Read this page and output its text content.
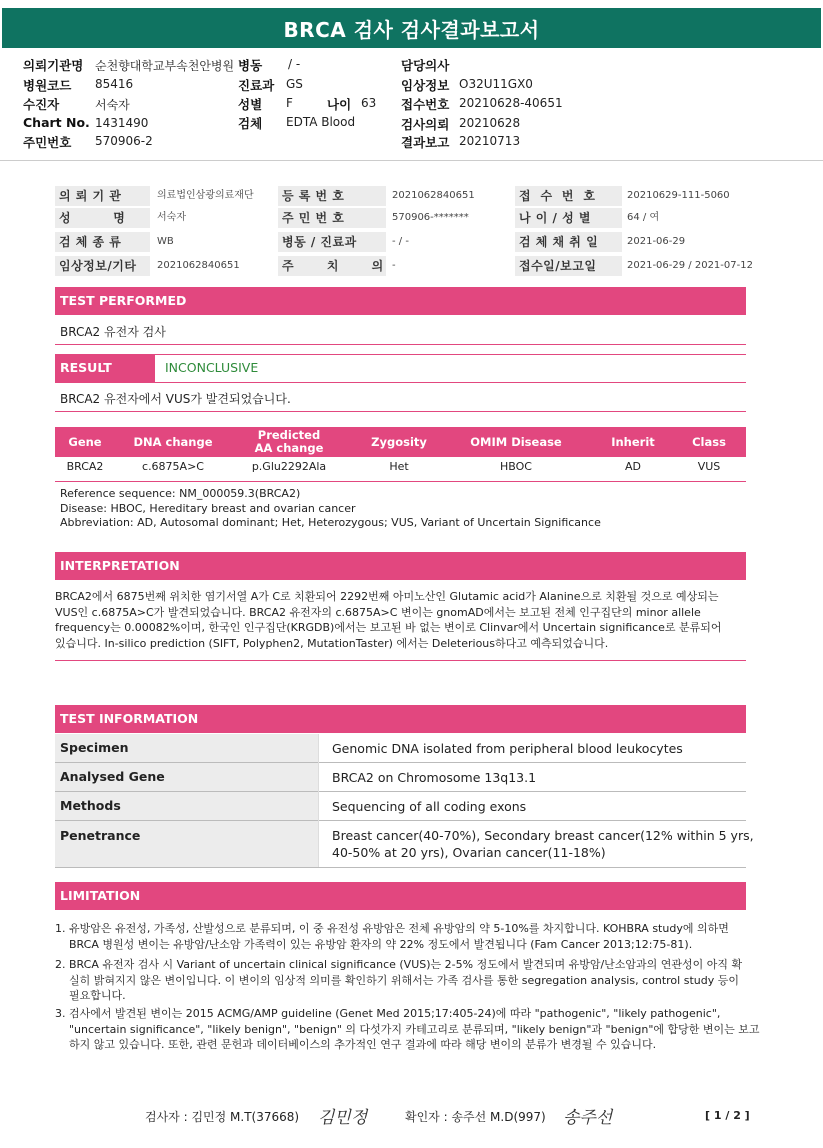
BRCA 검사 검사결과보고서
의뢰기관명 순천향대학교부속천안병원 병동 / -	담당의사
병원코드 85416	진료과 GS	임상정보 O32U11GX0
수진자	서숙자	성별 F	나이 63 접수번호 20210628-40651
Chart No. 1431490	검체 EDTA Blood	검사의뢰 20210628
주민번호 570906-2	결과보고 20210713
의 뢰 기 관	의료법인삼광의료재단	등 록 번 호	2021062840651	접  수  번  호	20210629-111-5060
성         명	서숙자	주 민 번 호	570906-*******	나 이 / 성 별	64 / 여
검 체 종 류	WB	병동 / 진료과	- / -	검 체 채 취 일	2021-06-29
임상정보/기타	2021062840651	주       치       의 -	접수일/보고일	2021-06-29 / 2021-07-12
TEST PERFORMED
BRCA2 유전자 검사
RESULT	INCONCLUSIVE
BRCA2 유전자에서 VUS가 발견되었습니다.
Gene	DNA change	Predicted
AA change	Zygosity	OMIM Disease	Inherit	Class
BRCA2	c.6875A>C	p.Glu2292Ala	Het	HBOC	AD	VUS
Reference sequence: NM_000059.3(BRCA2)
Disease: HBOC, Hereditary breast and ovarian cancer
Abbreviation: AD, Autosomal dominant; Het, Heterozygous; VUS, Variant of Uncertain Significance
INTERPRETATION
BRCA2에서 6875번째 위치한 염기서열 A가 C로 치환되어 2292번째 아미노산인 Glutamic acid가 Alanine으로 치환될 것으로 예상되는
VUS인 c.6875A>C가 발견되었습니다. BRCA2 유전자의 c.6875A>C 변이는 gnomAD에서는 보고된 전체 인구집단의 minor allele
frequency는 0.00082%이며, 한국인 인구집단(KRGDB)에서는 보고된 바 없는 변이로 Clinvar에서 Uncertain significance로 분류되어
있습니다. In-silico prediction (SIFT, Polyphen2, MutationTaster) 에서는 Deleterious하다고 예측되었습니다.
TEST INFORMATION
Specimen	Genomic DNA isolated from peripheral blood leukocytes
Analysed Gene	BRCA2 on Chromosome 13q13.1
Methods	Sequencing of all coding exons
Penetrance	Breast cancer(40-70%), Secondary breast cancer(12% within 5 yrs,
40-50% at 20 yrs), Ovarian cancer(11-18%)
LIMITATION
1. 유방암은 유전성, 가족성, 산발성으로 분류되며, 이 중 유전성 유방암은 전체 유방암의 약 5-10%를 차지합니다. KOHBRA study에 의하면
BRCA 병원성 변이는 유방암/난소암 가족력이 있는 유방암 환자의 약 22% 정도에서 발견됩니다 (Fam Cancer 2013;12:75-81).
2. BRCA 유전자 검사 시 Variant of uncertain clinical significance (VUS)는 2-5% 정도에서 발견되며 유방암/난소암과의 연관성이 아직 확
실히 밝혀지지 않은 변이입니다. 이 변이의 임상적 의미를 확인하기 위해서는 가족 검사를 통한 segregation analysis, control study 등이
필요합니다.
3. 검사에서 발견된 변이는 2015 ACMG/AMP guideline (Genet Med 2015;17:405-24)에 따라 "pathogenic", "likely pathogenic",
"uncertain significance", "likely benign", "benign" 의 다섯가지 카테고리로 분류되며, "likely benign"과 "benign"에 합당한 변이는 보고
하지 않고 있습니다. 또한, 관련 문헌과 데이터베이스의 추가적인 연구 결과에 따라 해당 변이의 분류가 변경될 수 있습니다.
검사자 : 김민정 M.T(37668) 김민정	확인자 : 송주선 M.D(997) 송주선	[ 1 / 2 ]
